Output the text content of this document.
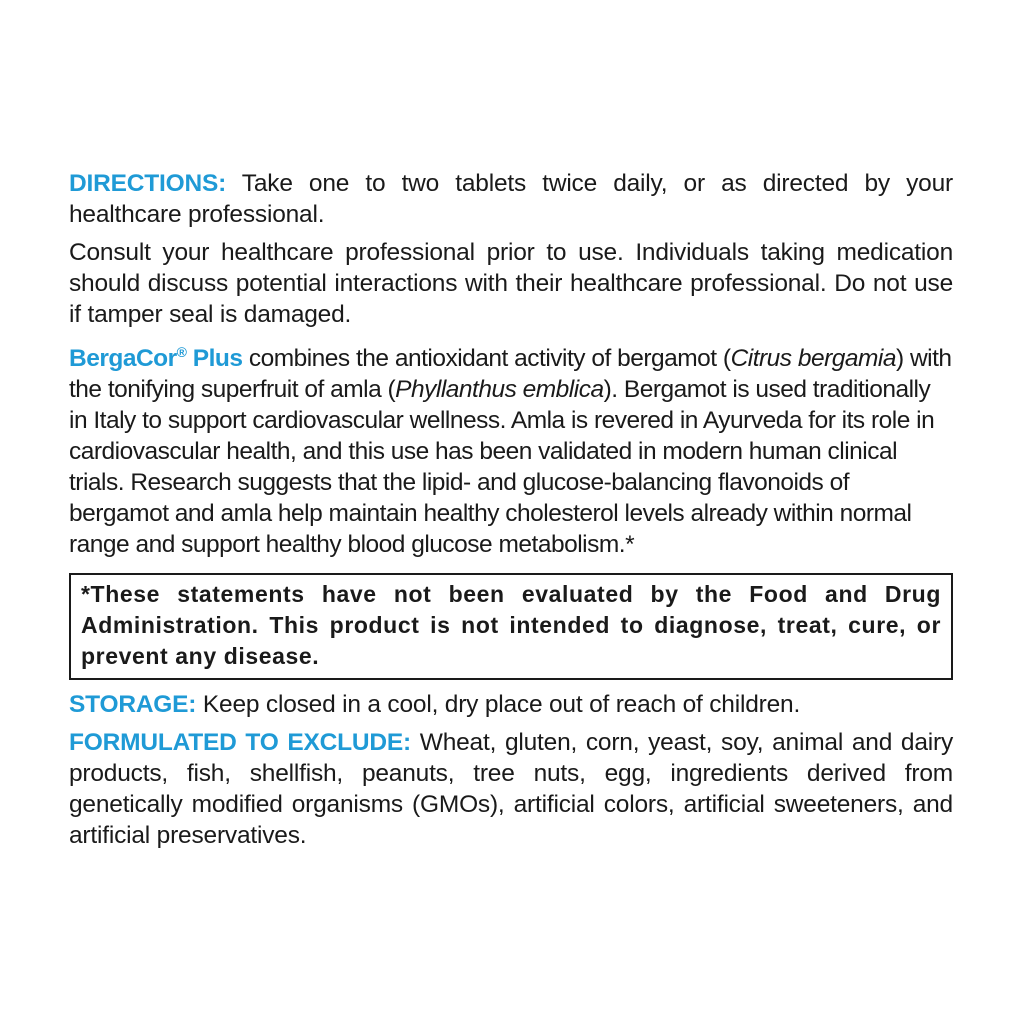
DIRECTIONS: Take one to two tablets twice daily, or as directed by your healthcare professional.

Consult your healthcare professional prior to use. Individuals taking medication should discuss potential interactions with their healthcare professional. Do not use if tamper seal is damaged.

BergaCor® Plus combines the antioxidant activity of bergamot (Citrus bergamia) with the tonifying superfruit of amla (Phyllanthus emblica). Bergamot is used traditionally in Italy to support cardiovascular wellness. Amla is revered in Ayurveda for its role in cardiovascular health, and this use has been validated in modern human clinical trials. Research suggests that the lipid- and glucose-balancing flavonoids of bergamot and amla help maintain healthy cholesterol levels already within normal range and support healthy blood glucose metabolism.*

*These statements have not been evaluated by the Food and Drug Administration. This product is not intended to diagnose, treat, cure, or prevent any disease.

STORAGE: Keep closed in a cool, dry place out of reach of children.

FORMULATED TO EXCLUDE: Wheat, gluten, corn, yeast, soy, animal and dairy products, fish, shellfish, peanuts, tree nuts, egg, ingredients derived from genetically modified organisms (GMOs), artificial colors, artificial sweeteners, and artificial preservatives.
